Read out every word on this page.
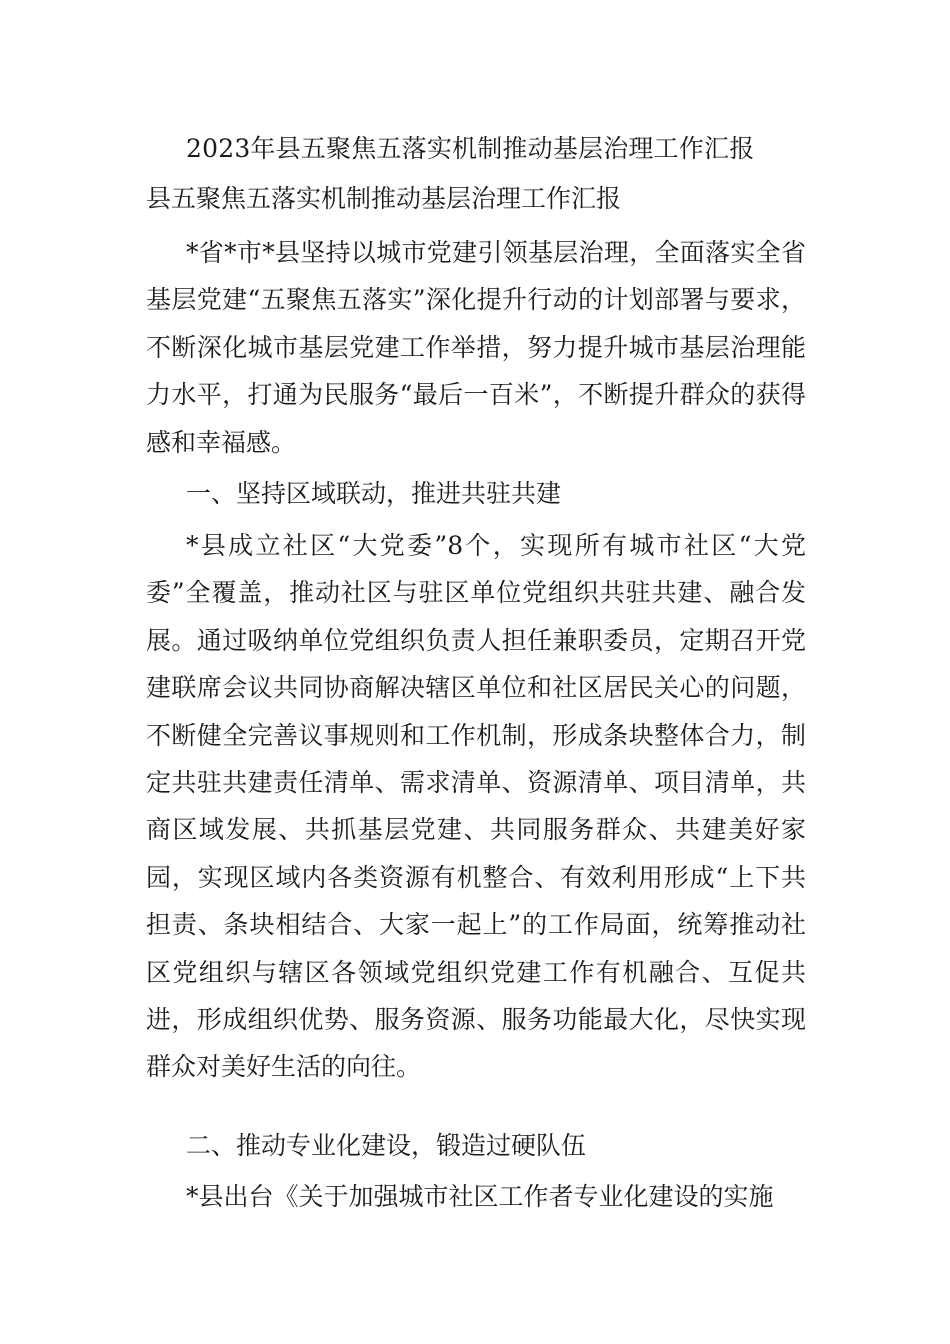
2023年县五聚焦五落实机制推动基层治理工作汇报
县五聚焦五落实机制推动基层治理工作汇报

*省*市*县坚持以城市党建引领基层治理，全面落实全省基层党建“五聚焦五落实”深化提升行动的计划部署与要求，不断深化城市基层党建工作举措，努力提升城市基层治理能力水平，打通为民服务“最后一百米”，不断提升群众的获得感和幸福感。

一、坚持区域联动，推进共驻共建

*县成立社区“大党委”8个，实现所有城市社区“大党委”全覆盖，推动社区与驻区单位党组织共驻共建、融合发展。通过吸纳单位党组织负责人担任兼职委员，定期召开党建联席会议共同协商解决辖区单位和社区居民关心的问题，不断健全完善议事规则和工作机制，形成条块整体合力，制定共驻共建责任清单、需求清单、资源清单、项目清单，共商区域发展、共抓基层党建、共同服务群众、共建美好家园，实现区域内各类资源有机整合、有效利用形成“上下共担责、条块相结合、大家一起上”的工作局面，统筹推动社区党组织与辖区各领域党组织党建工作有机融合、互促共进，形成组织优势、服务资源、服务功能最大化，尽快实现群众对美好生活的向往。

二、推动专业化建设，锻造过硬队伍

*县出台《关于加强城市社区工作者专业化建设的实施
